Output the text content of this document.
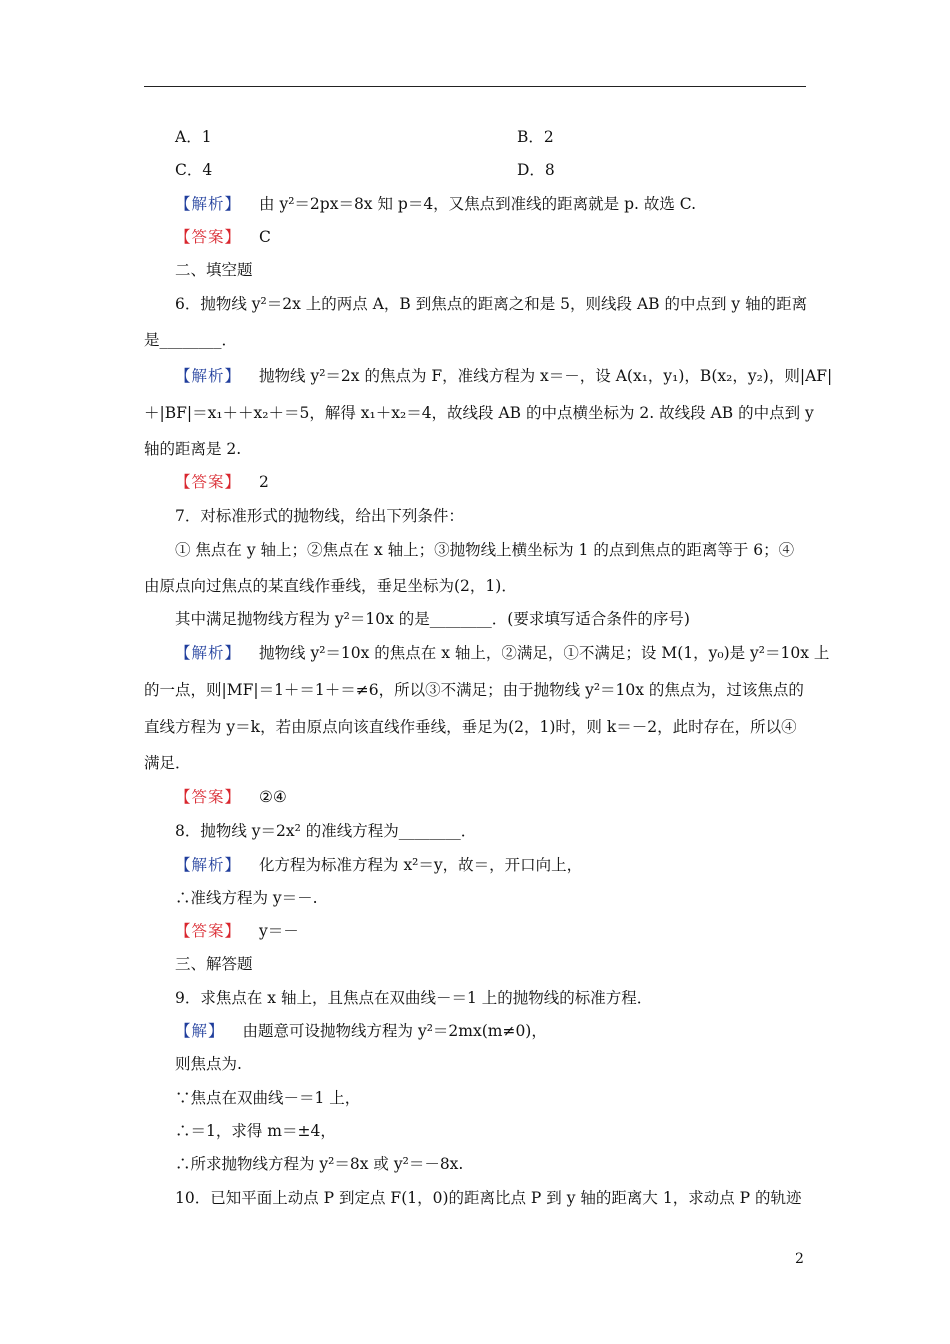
A．1	B．2
C．4	D．8
【解析】 由 y²＝2px＝8x 知 p＝4，又焦点到准线的距离就是 p. 故选 C.
【答案】 C
二、填空题
6．抛物线 y²＝2x 上的两点 A，B 到焦点的距离之和是 5，则线段 AB 的中点到 y 轴的距离
是________．
【解析】 抛物线 y²＝2x 的焦点为 F，准线方程为 x＝－，设 A(x₁，y₁)，B(x₂，y₂)，则|AF|
＋|BF|＝x₁＋＋x₂＋＝5，解得 x₁＋x₂＝4，故线段 AB 的中点横坐标为 2. 故线段 AB 的中点到 y
轴的距离是 2.
【答案】 2
7．对标准形式的抛物线，给出下列条件：
① 焦点在 y 轴上；②焦点在 x 轴上；③抛物线上横坐标为 1 的点到焦点的距离等于 6；④
由原点向过焦点的某直线作垂线，垂足坐标为(2，1)．
其中满足抛物线方程为 y²＝10x 的是________．(要求填写适合条件的序号)
【解析】 抛物线 y²＝10x 的焦点在 x 轴上，②满足，①不满足；设 M(1，y₀)是 y²＝10x 上
的一点，则|MF|＝1＋＝1＋＝≠6，所以③不满足；由于抛物线 y²＝10x 的焦点为，过该焦点的
直线方程为 y＝k，若由原点向该直线作垂线，垂足为(2，1)时，则 k＝－2，此时存在，所以④
满足．
【答案】 ②④
8．抛物线 y＝2x² 的准线方程为________．
【解析】 化方程为标准方程为 x²＝y，故＝，开口向上，
∴准线方程为 y＝－.
【答案】 y＝－
三、解答题
9．求焦点在 x 轴上，且焦点在双曲线－＝1 上的抛物线的标准方程．
【解】 由题意可设抛物线方程为 y²＝2mx(m≠0)，
则焦点为.
∵焦点在双曲线－＝1 上，
∴＝1，求得 m＝±4，
∴所求抛物线方程为 y²＝8x 或 y²＝－8x.
10．已知平面上动点 P 到定点 F(1，0)的距离比点 P 到 y 轴的距离大 1，求动点 P 的轨迹
2
